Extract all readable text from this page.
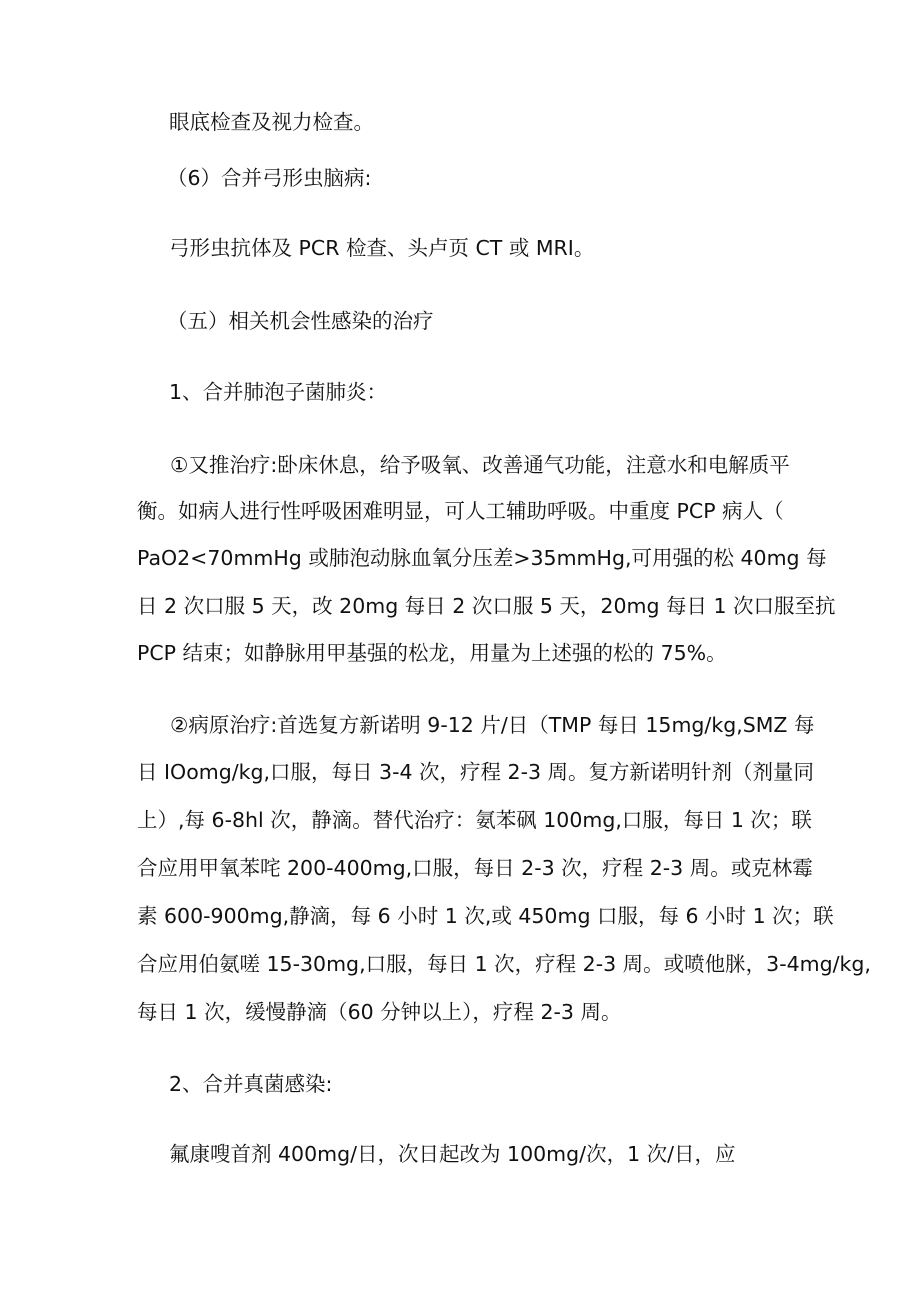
眼底检查及视力检查。

（6）合并弓形虫脑病:

弓形虫抗体及 PCR 检查、头卢页 CT 或 MRI。

（五）相关机会性感染的治疗

1、合并肺泡子菌肺炎：

①又推治疗:卧床休息，给予吸氧、改善通气功能，注意水和电解质平

衡。如病人进行性呼吸困难明显，可人工辅助呼吸。中重度 PCP 病人（

PaO2<70mmHg 或肺泡动脉血氧分压差>35mmHg,可用强的松 40mg 每

日 2 次口服 5 天，改 20mg 每日 2 次口服 5 天，20mg 每日 1 次口服至抗

PCP 结束；如静脉用甲基强的松龙，用量为上述强的松的 75%。

②病原治疗:首选复方新诺明 9-12 片/日（TMP 每日 15mg/kg,SMZ 每

日 IOomg/kg,口服，每日 3-4 次，疗程 2-3 周。复方新诺明针剂（剂量同

上）,每 6-8hl 次，静滴。替代治疗：氨苯砜 100mg,口服，每日 1 次；联

合应用甲氧苯咤 200-400mg,口服，每日 2-3 次，疗程 2-3 周。或克林霉

素 600-900mg,静滴，每 6 小时 1 次,或 450mg 口服，每 6 小时 1 次；联

合应用伯氨嗟 15-30mg,口服，每日 1 次，疗程 2-3 周。或喷他脒，3-4mg/kg,

每日 1 次，缓慢静滴（60 分钟以上），疗程 2-3 周。

2、合并真菌感染:

氟康嗖首剂 400mg/日，次日起改为 100mg/次，1 次/日，应
